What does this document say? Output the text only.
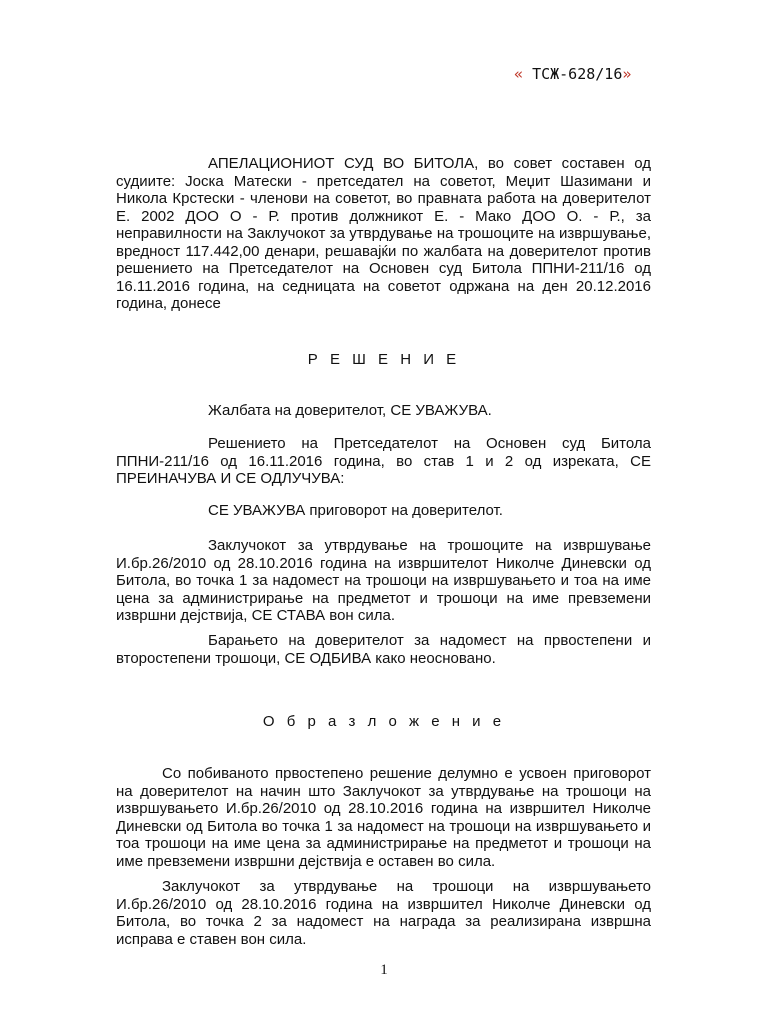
« ТСЖ-628/16»
АПЕЛАЦИОНИОТ СУД ВО БИТОЛА, во совет составен од судиите: Јоска Матески - претседател на советот, Меџит Шазимани и Никола Крстески - членови на советот, во правната работа на доверителот Е. 2002 ДОО О - Р. против должникот Е. - Мако ДОО О. - Р., за неправилности на Заклучокот за утврдување на трошоците на извршување, вредност 117.442,00 денари, решавајќи по жалбата на доверителот против решението на Претседателот на Основен суд Битола ППНИ-211/16 од 16.11.2016 година, на седницата на советот одржана на ден 20.12.2016 година, донесе
Р Е Ш Е Н И Е
Жалбата на доверителот, СЕ УВАЖУВА.
Решението на Претседателот на Основен суд Битола ППНИ-211/16 од 16.11.2016 година, во став 1 и 2 од изреката, СЕ ПРЕИНАЧУВА И СЕ ОДЛУЧУВА:
СЕ УВАЖУВА приговорот на доверителот.
Заклучокот за утврдување на трошоците на извршување И.бр.26/2010 од 28.10.2016 година на извршителот Николче Диневски од Битола, во точка 1 за надомест на трошоци на извршувањето и тоа на име цена за администрирање на предметот и трошоци на име превземени извршни дејствија, СЕ СТАВА вон сила.
Барањето на доверителот за надомест на првостепени и второстепени трошоци, СЕ ОДБИВА како неосновано.
О б р а з л о ж е н и е
Со побиваното првостепено решение делумно е усвоен приговорот на доверителот на начин што Заклучокот за утврдување на трошоци на извршувањето И.бр.26/2010 од 28.10.2016 година на извршител Николче Диневски од Битола во точка 1 за надомест на трошоци на извршувањето и тоа трошоци на име цена за администрирање на предметот и трошоци на име превземени извршни дејствија е оставен во сила.
Заклучокот за утврдување на трошоци на извршувањето И.бр.26/2010 од 28.10.2016 година на извршител Николче Диневски од Битола, во точка 2 за надомест на награда за реализирана извршна исправа е ставен вон сила.
1
